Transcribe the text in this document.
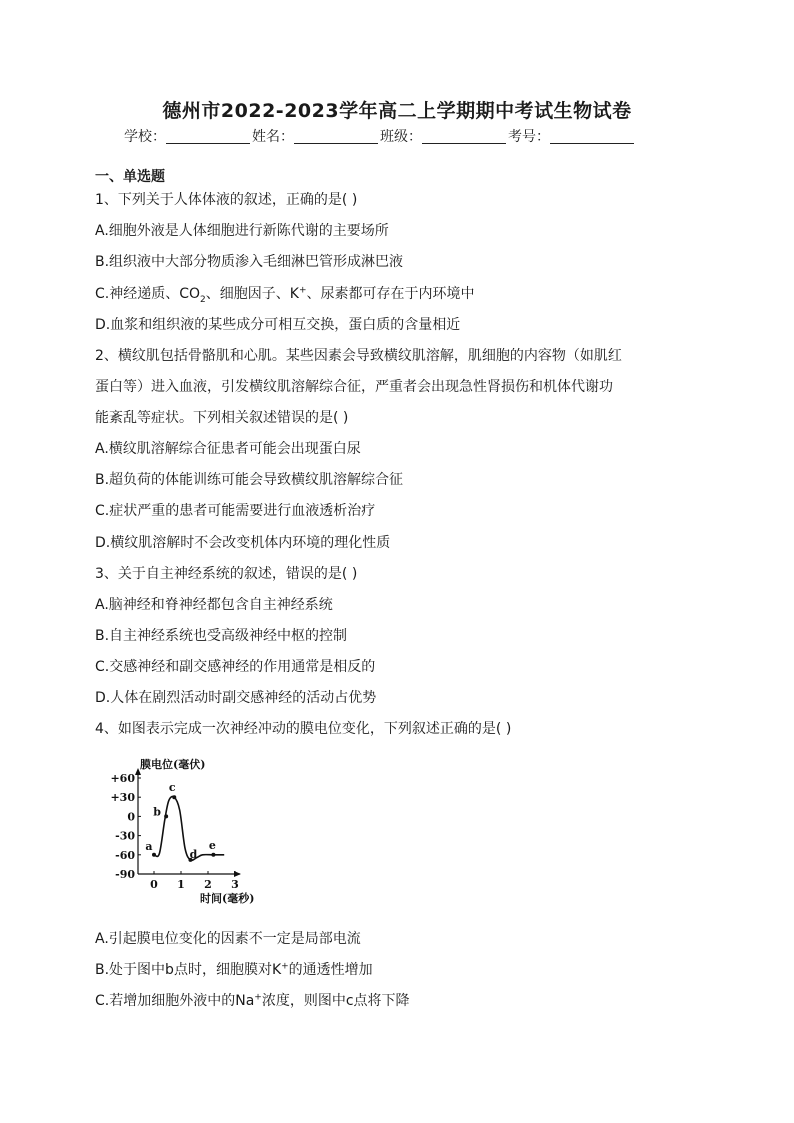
德州市2022-2023学年高二上学期期中考试生物试卷
学校：	姓名：	班级：	考号：
一、单选题
1、下列关于人体体液的叙述，正确的是( )
A.细胞外液是人体细胞进行新陈代谢的主要场所
B.组织液中大部分物质渗入毛细淋巴管形成淋巴液
C.神经递质、$CO_2$、细胞因子、K+、尿素都可存在于内环境中
D.血浆和组织液的某些成分可相互交换，蛋白质的含量相近
2、横纹肌包括骨骼肌和心肌。某些因素会导致横纹肌溶解，肌细胞的内容物（如肌红
蛋白等）进入血液，引发横纹肌溶解综合征，严重者会出现急性肾损伤和机体代谢功
能紊乱等症状。下列相关叙述错误的是( )
A.横纹肌溶解综合征患者可能会出现蛋白尿
B.超负荷的体能训练可能会导致横纹肌溶解综合征
C.症状严重的患者可能需要进行血液透析治疗
D.横纹肌溶解时不会改变机体内环境的理化性质
3、关于自主神经系统的叙述，错误的是( )
A.脑神经和脊神经都包含自主神经系统
B.自主神经系统也受高级神经中枢的控制
C.交感神经和副交感神经的作用通常是相反的
D.人体在剧烈活动时副交感神经的活动占优势
4、如图表示完成一次神经冲动的膜电位变化，下列叙述正确的是( )
膜电位(毫伏)
时间(毫秒)
+60
+30
0
-30
-60
-90
0 1 2 3
a
b
c
d
e
A.引起膜电位变化的因素不一定是局部电流
B.处于图中b点时，细胞膜对K+的通透性增加
C.若增加细胞外液中的Na+浓度，则图中c点将下降
